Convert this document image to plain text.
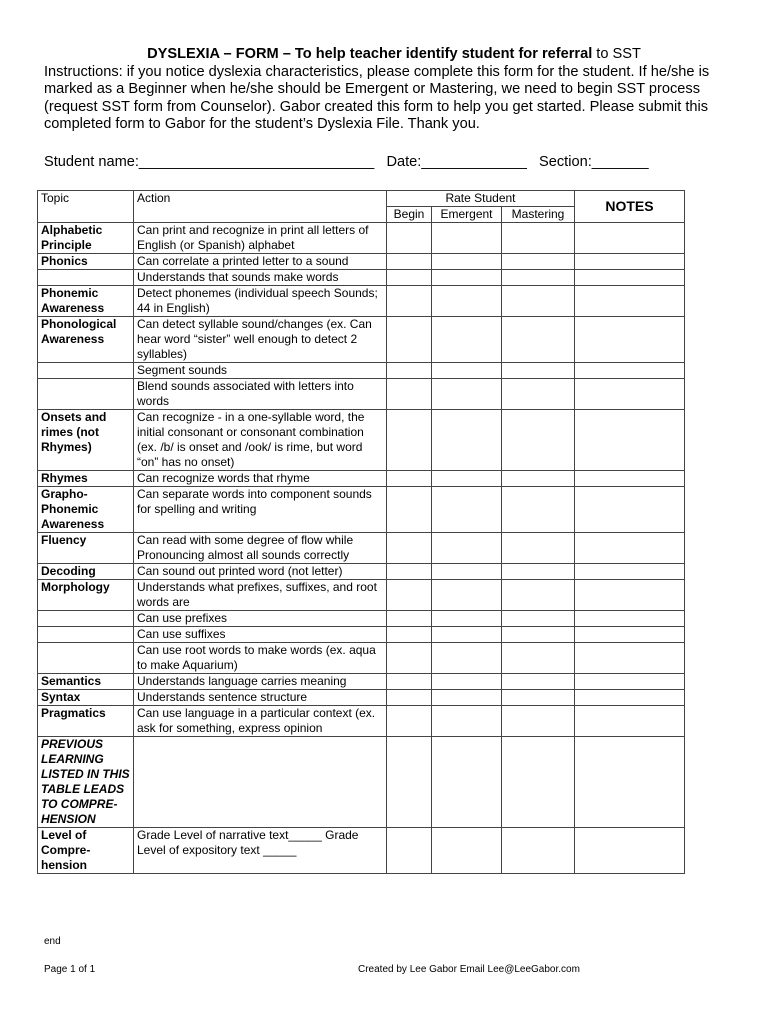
DYSLEXIA – FORM – To help teacher identify student for referral to SST
Instructions: if you notice dyslexia characteristics, please complete this form for the student. If he/she is marked as a Beginner when he/she should be Emergent or Mastering, we need to begin SST process (request SST form from Counselor). Gabor created this form to help you get started. Please submit this completed form to Gabor for the student’s Dyslexia File. Thank you.
Student name:_____________________________   Date:_____________   Section:_______
Topic	Action	Rate Student			NOTES
		Begin	Emergent	Mastering	
Alphabetic Principle	Can print and recognize in print all letters of English (or Spanish) alphabet				
Phonics	Can correlate a printed letter to a sound				
	Understands that sounds make words				
Phonemic Awareness	Detect phonemes (individual speech Sounds; 44 in English)				
Phonological Awareness	Can detect syllable sound/changes (ex. Can hear word “sister” well enough to detect 2 syllables)				
	Segment sounds				
	Blend sounds associated with letters into words				
Onsets and rimes (not Rhymes)	Can recognize - in a one-syllable word, the initial consonant or consonant combination (ex. /b/ is onset and /ook/ is rime, but word “on” has no onset)				
Rhymes	Can recognize words that rhyme				
Grapho-Phonemic Awareness	Can separate words into component sounds for spelling and writing				
Fluency	Can read with some degree of flow while Pronouncing almost all sounds correctly				
Decoding	Can sound out printed word (not letter)				
Morphology	Understands what prefixes, suffixes, and root words are				
	Can use prefixes				
	Can use suffixes				
	Can use root words to make words (ex. aqua to make Aquarium)				
Semantics	Understands language carries meaning				
Syntax	Understands sentence structure				
Pragmatics	Can use language in a particular context (ex. ask for something, express opinion				
PREVIOUS LEARNING LISTED IN THIS TABLE LEADS TO COMPRE-HENSION					
Level of Compre-hension	Grade Level of narrative text_____ Grade Level of expository text _____				
end
Page 1 of 1	Created by Lee Gabor Email Lee@LeeGabor.com
